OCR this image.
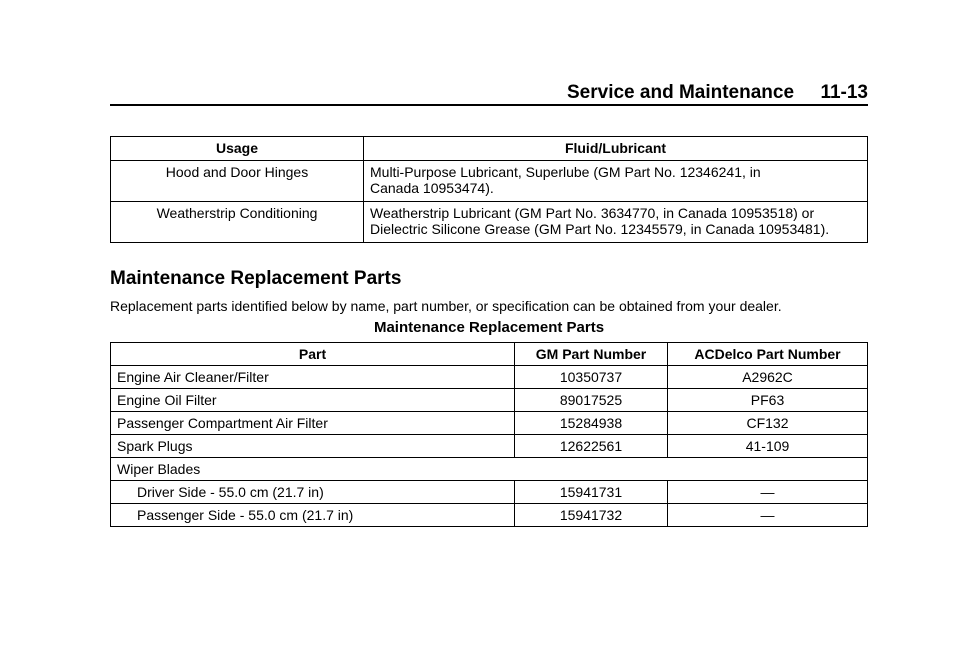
Service and Maintenance 11-13
Usage	Fluid/Lubricant
Hood and Door Hinges	Multi-Purpose Lubricant, Superlube (GM Part No. 12346241, in
Canada 10953474).
Weatherstrip Conditioning	Weatherstrip Lubricant (GM Part No. 3634770, in Canada 10953518) or
Dielectric Silicone Grease (GM Part No. 12345579, in Canada 10953481).
Maintenance Replacement Parts
Replacement parts identified below by name, part number, or specification can be obtained from your dealer.
Maintenance Replacement Parts
Part	GM Part Number	ACDelco Part Number
Engine Air Cleaner/Filter	10350737	A2962C
Engine Oil Filter	89017525	PF63
Passenger Compartment Air Filter	15284938	CF132
Spark Plugs	12622561	41-109
Wiper Blades		
Driver Side - 55.0 cm (21.7 in)	15941731	—
Passenger Side - 55.0 cm (21.7 in)	15941732	—
